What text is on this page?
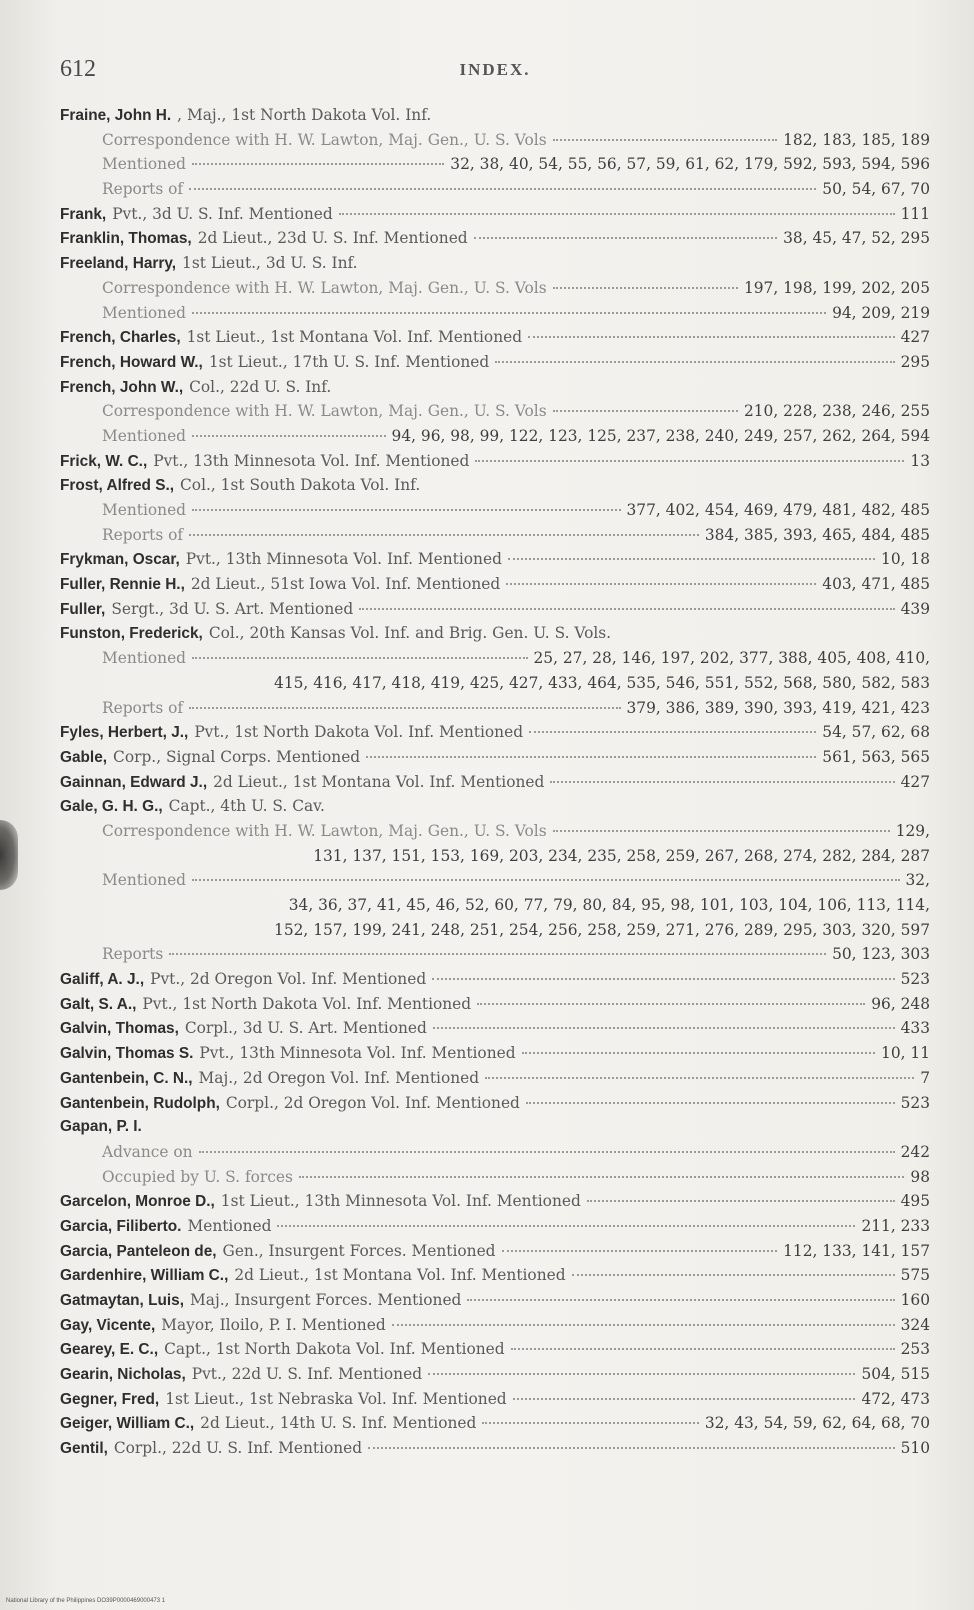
612	INDEX.
Fraine, John H. , Maj., 1st North Dakota Vol. Inf.
Correspondence with H. W. Lawton, Maj. Gen., U. S. Vols	182, 183, 185, 189
Mentioned	32, 38, 40, 54, 55, 56, 57, 59, 61, 62, 179, 592, 593, 594, 596
Reports of	50, 54, 67, 70
Frank, Pvt., 3d U. S. Inf. Mentioned	111
Franklin, Thomas, 2d Lieut., 23d U. S. Inf. Mentioned	38, 45, 47, 52, 295
Freeland, Harry, 1st Lieut., 3d U. S. Inf.
Correspondence with H. W. Lawton, Maj. Gen., U. S. Vols	197, 198, 199, 202, 205
Mentioned	94, 209, 219
French, Charles, 1st Lieut., 1st Montana Vol. Inf. Mentioned	427
French, Howard W., 1st Lieut., 17th U. S. Inf. Mentioned	295
French, John W., Col., 22d U. S. Inf.
Correspondence with H. W. Lawton, Maj. Gen., U. S. Vols	210, 228, 238, 246, 255
Mentioned	94, 96, 98, 99, 122, 123, 125, 237, 238, 240, 249, 257, 262, 264, 594
Frick, W. C., Pvt., 13th Minnesota Vol. Inf. Mentioned	13
Frost, Alfred S., Col., 1st South Dakota Vol. Inf.
Mentioned	377, 402, 454, 469, 479, 481, 482, 485
Reports of	384, 385, 393, 465, 484, 485
Frykman, Oscar, Pvt., 13th Minnesota Vol. Inf. Mentioned	10, 18
Fuller, Rennie H., 2d Lieut., 51st Iowa Vol. Inf. Mentioned	403, 471, 485
Fuller, Sergt., 3d U. S. Art. Mentioned	439
Funston, Frederick, Col., 20th Kansas Vol. Inf. and Brig. Gen. U. S. Vols.
Mentioned	25, 27, 28, 146, 197, 202, 377, 388, 405, 408, 410,
415, 416, 417, 418, 419, 425, 427, 433, 464, 535, 546, 551, 552, 568, 580, 582, 583
Reports of	379, 386, 389, 390, 393, 419, 421, 423
Fyles, Herbert, J., Pvt., 1st North Dakota Vol. Inf. Mentioned	54, 57, 62, 68
Gable, Corp., Signal Corps. Mentioned	561, 563, 565
Gainnan, Edward J., 2d Lieut., 1st Montana Vol. Inf. Mentioned	427
Gale, G. H. G., Capt., 4th U. S. Cav.
Correspondence with H. W. Lawton, Maj. Gen., U. S. Vols	129,
131, 137, 151, 153, 169, 203, 234, 235, 258, 259, 267, 268, 274, 282, 284, 287
Mentioned	32,
34, 36, 37, 41, 45, 46, 52, 60, 77, 79, 80, 84, 95, 98, 101, 103, 104, 106, 113, 114,
152, 157, 199, 241, 248, 251, 254, 256, 258, 259, 271, 276, 289, 295, 303, 320, 597
Reports	50, 123, 303
Galiff, A. J., Pvt., 2d Oregon Vol. Inf. Mentioned	523
Galt, S. A., Pvt., 1st North Dakota Vol. Inf. Mentioned	96, 248
Galvin, Thomas, Corpl., 3d U. S. Art. Mentioned	433
Galvin, Thomas S. Pvt., 13th Minnesota Vol. Inf. Mentioned	10, 11
Gantenbein, C. N., Maj., 2d Oregon Vol. Inf. Mentioned	7
Gantenbein, Rudolph, Corpl., 2d Oregon Vol. Inf. Mentioned	523
Gapan, P. I.
Advance on	242
Occupied by U. S. forces	98
Garcelon, Monroe D., 1st Lieut., 13th Minnesota Vol. Inf. Mentioned	495
Garcia, Filiberto. Mentioned	211, 233
Garcia, Panteleon de, Gen., Insurgent Forces. Mentioned	112, 133, 141, 157
Gardenhire, William C., 2d Lieut., 1st Montana Vol. Inf. Mentioned	575
Gatmaytan, Luis, Maj., Insurgent Forces. Mentioned	160
Gay, Vicente, Mayor, Iloilo, P. I. Mentioned	324
Gearey, E. C., Capt., 1st North Dakota Vol. Inf. Mentioned	253
Gearin, Nicholas, Pvt., 22d U. S. Inf. Mentioned	504, 515
Gegner, Fred, 1st Lieut., 1st Nebraska Vol. Inf. Mentioned	472, 473
Geiger, William C., 2d Lieut., 14th U. S. Inf. Mentioned	32, 43, 54, 59, 62, 64, 68, 70
Gentil, Corpl., 22d U. S. Inf. Mentioned	510
National Library of the Philippines DO39P0000469000473 1
